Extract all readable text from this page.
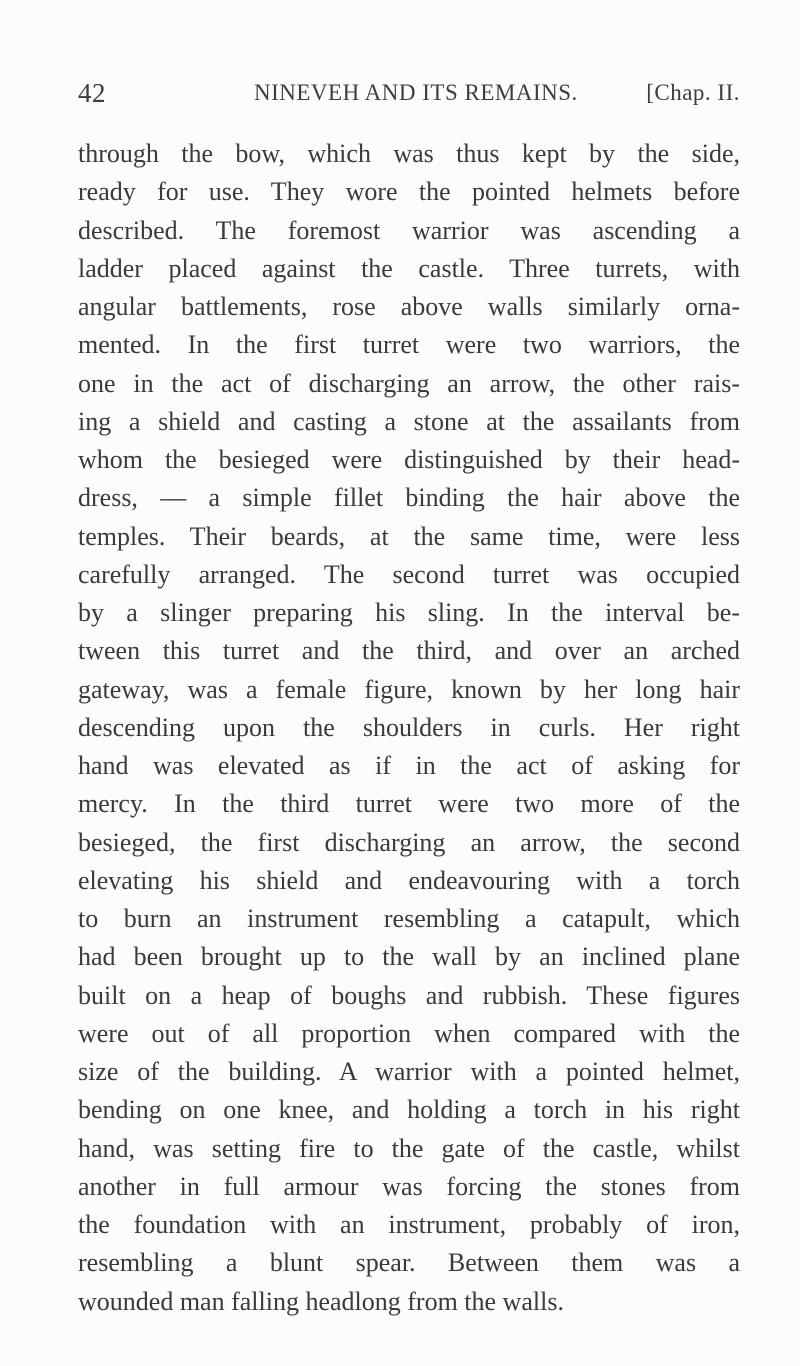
42	NINEVEH AND ITS REMAINS.	[Chap. II.
through the bow, which was thus kept by the side,
ready for use. They wore the pointed helmets before
described. The foremost warrior was ascending a
ladder placed against the castle. Three turrets, with
angular battlements, rose above walls similarly orna-
mented. In the first turret were two warriors, the
one in the act of discharging an arrow, the other rais-
ing a shield and casting a stone at the assailants from
whom the besieged were distinguished by their head-
dress, — a simple fillet binding the hair above the
temples. Their beards, at the same time, were less
carefully arranged. The second turret was occupied
by a slinger preparing his sling. In the interval be-
tween this turret and the third, and over an arched
gateway, was a female figure, known by her long hair
descending upon the shoulders in curls. Her right
hand was elevated as if in the act of asking for
mercy. In the third turret were two more of the
besieged, the first discharging an arrow, the second
elevating his shield and endeavouring with a torch
to burn an instrument resembling a catapult, which
had been brought up to the wall by an inclined plane
built on a heap of boughs and rubbish. These figures
were out of all proportion when compared with the
size of the building. A warrior with a pointed helmet,
bending on one knee, and holding a torch in his right
hand, was setting fire to the gate of the castle, whilst
another in full armour was forcing the stones from
the foundation with an instrument, probably of iron,
resembling a blunt spear. Between them was a
wounded man falling headlong from the walls.
